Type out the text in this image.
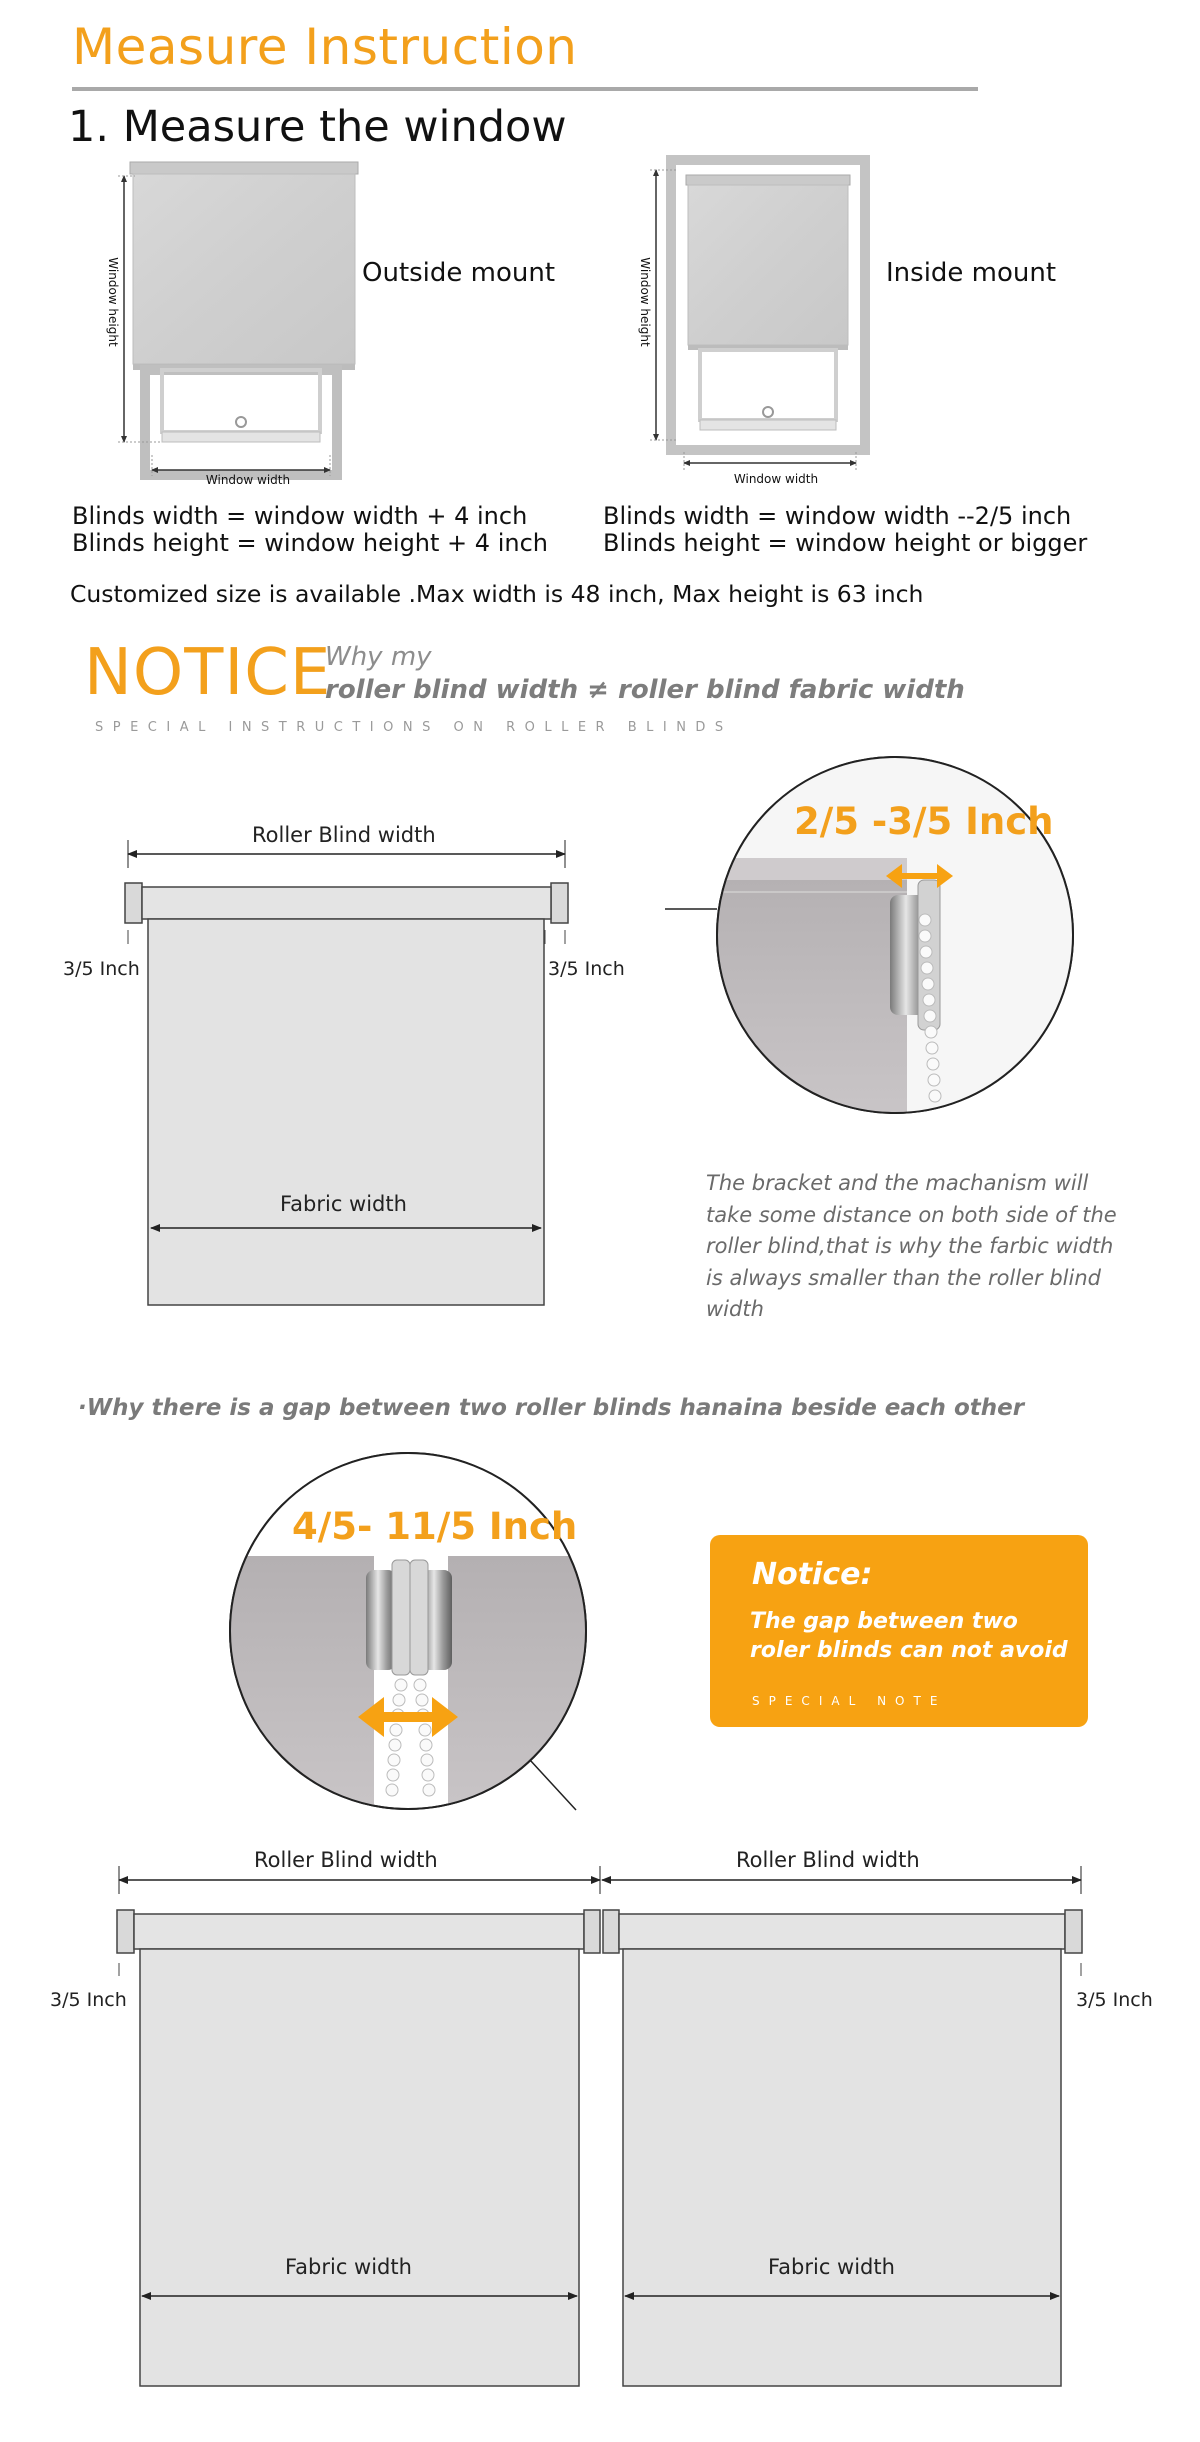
Measure Instruction
1. Measure the window
Outside mount	Inside mount
Window height
Window width
Window height
Window width
Blinds width = window width + 4 inch
Blinds height = window height + 4 inch
Blinds width = window width --2/5 inch
Blinds height = window height or bigger
Customized size is available .Max width is 48 inch, Max height is 63 inch
NOTICE
Why my
roller blind width ≠ roller blind fabric width
SPECIAL INSTRUCTIONS ON ROLLER BLINDS
Roller Blind width
3/5 Inch	3/5 Inch
Fabric width
2/5 -3/5 Inch
The bracket and the machanism will take some distance on both side of the roller blind,that is why the farbic width is always smaller than the roller blind width
·Why there is a gap between two roller blinds hanaina beside each other
4/5- 11/5 Inch
Notice:
The gap between two roler blinds can not avoid
SPECIAL NOTE
Roller Blind width	Roller Blind width
3/5 Inch	3/5 Inch
Fabric width	Fabric width
